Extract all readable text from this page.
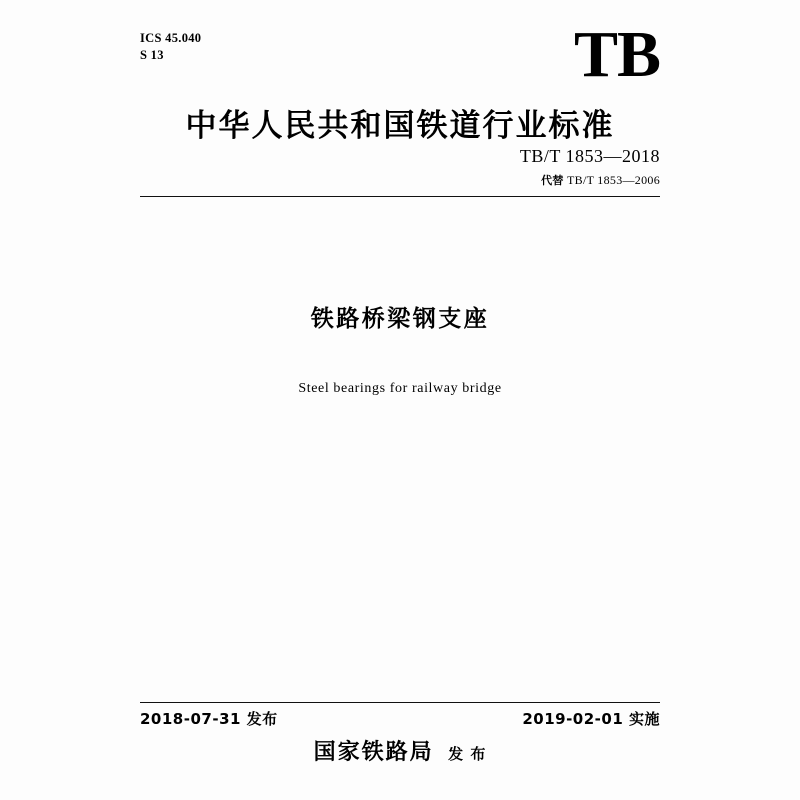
ICS 45.040
S 13	TB
中华人民共和国铁道行业标准
TB/T 1853—2018
代替 TB/T 1853—2006
铁路桥梁钢支座
Steel bearings for railway bridge
2018-07-31 发布	2019-02-01 实施
国家铁路局 发 布
